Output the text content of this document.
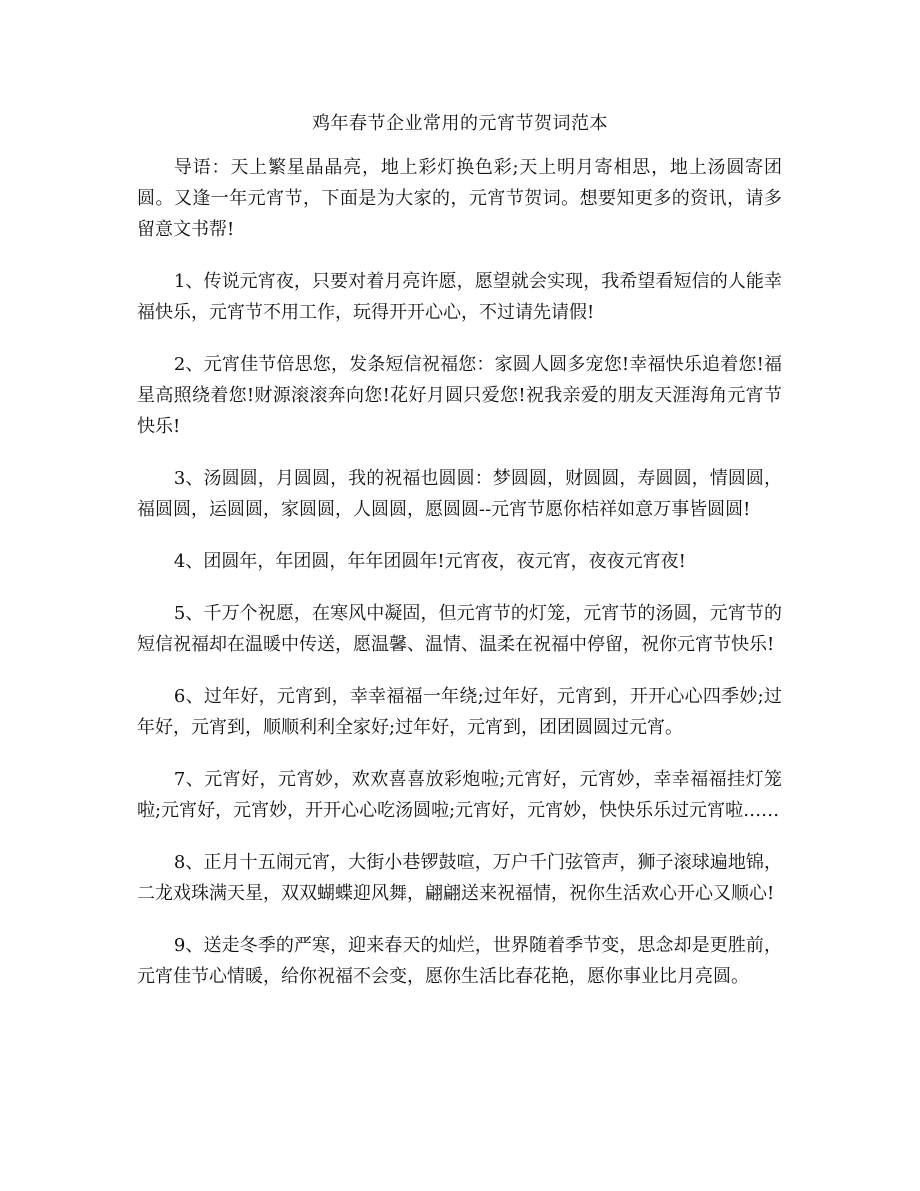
鸡年春节企业常用的元宵节贺词范本

导语：天上繁星晶晶亮，地上彩灯换色彩;天上明月寄相思，地上汤圆寄团圆。又逢一年元宵节，下面是为大家的，元宵节贺词。想要知更多的资讯，请多留意文书帮!

1、传说元宵夜，只要对着月亮许愿，愿望就会实现，我希望看短信的人能幸福快乐，元宵节不用工作，玩得开开心心，不过请先请假!

2、元宵佳节倍思您，发条短信祝福您：家圆人圆多宠您!幸福快乐追着您!福星高照绕着您!财源滚滚奔向您!花好月圆只爱您!祝我亲爱的朋友天涯海角元宵节快乐!

3、汤圆圆，月圆圆，我的祝福也圆圆：梦圆圆，财圆圆，寿圆圆，情圆圆，福圆圆，运圆圆，家圆圆，人圆圆，愿圆圆--元宵节愿你桔祥如意万事皆圆圆!

4、团圆年，年团圆，年年团圆年!元宵夜，夜元宵，夜夜元宵夜!

5、千万个祝愿，在寒风中凝固，但元宵节的灯笼，元宵节的汤圆，元宵节的短信祝福却在温暖中传送，愿温馨、温情、温柔在祝福中停留，祝你元宵节快乐!

6、过年好，元宵到，幸幸福福一年绕;过年好，元宵到，开开心心四季妙;过年好，元宵到，顺顺利利全家好;过年好，元宵到，团团圆圆过元宵。

7、元宵好，元宵妙，欢欢喜喜放彩炮啦;元宵好，元宵妙，幸幸福福挂灯笼啦;元宵好，元宵妙，开开心心吃汤圆啦;元宵好，元宵妙，快快乐乐过元宵啦……

8、正月十五闹元宵，大街小巷锣鼓喧，万户千门弦管声，狮子滚球遍地锦，二龙戏珠满天星，双双蝴蝶迎风舞，翩翩送来祝福情，祝你生活欢心开心又顺心!

9、送走冬季的严寒，迎来春天的灿烂，世界随着季节变，思念却是更胜前，元宵佳节心情暖，给你祝福不会变，愿你生活比春花艳，愿你事业比月亮圆。
